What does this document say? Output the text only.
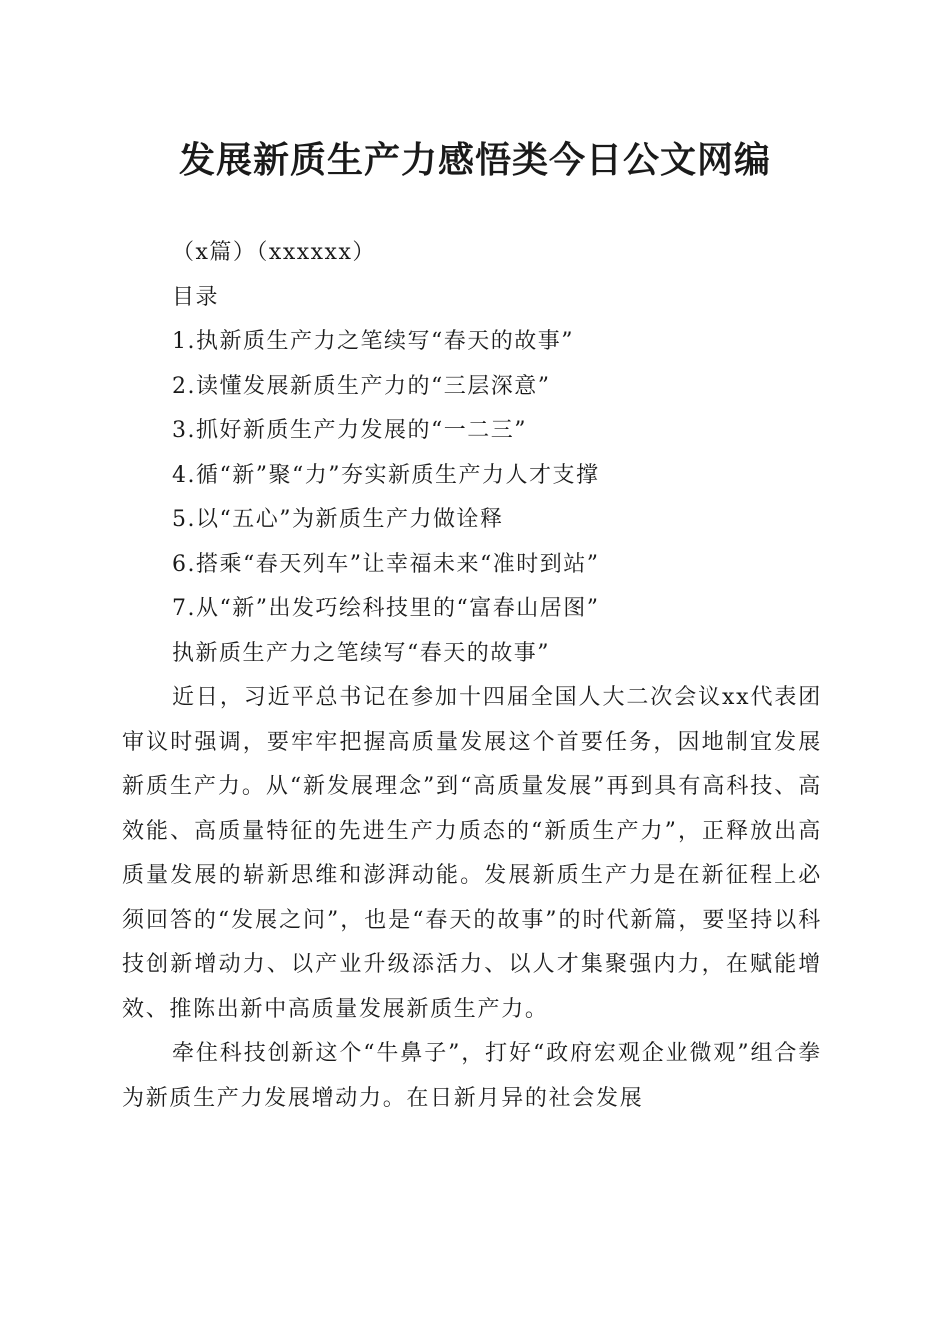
发展新质生产力感悟类今日公文网编

（x篇）（xxxxxx）

目录

1.执新质生产力之笔续写“春天的故事”

2.读懂发展新质生产力的“三层深意”

3.抓好新质生产力发展的“一二三”

4.循“新”聚“力”夯实新质生产力人才支撑

5.以“五心”为新质生产力做诠释

6.搭乘“春天列车”让幸福未来“准时到站”

7.从“新”出发巧绘科技里的“富春山居图”

执新质生产力之笔续写“春天的故事”

近日，习近平总书记在参加十四届全国人大二次会议xx代表团审议时强调，要牢牢把握高质量发展这个首要任务，因地制宜发展新质生产力。从“新发展理念”到“高质量发展”再到具有高科技、高效能、高质量特征的先进生产力质态的“新质生产力”，正释放出高质量发展的崭新思维和澎湃动能。发展新质生产力是在新征程上必须回答的“发展之问”，也是“春天的故事”的时代新篇，要坚持以科技创新增动力、以产业升级添活力、以人才集聚强内力，在赋能增效、推陈出新中高质量发展新质生产力。

牵住科技创新这个“牛鼻子”，打好“政府宏观企业微观”组合拳为新质生产力发展增动力。在日新月异的社会发展
